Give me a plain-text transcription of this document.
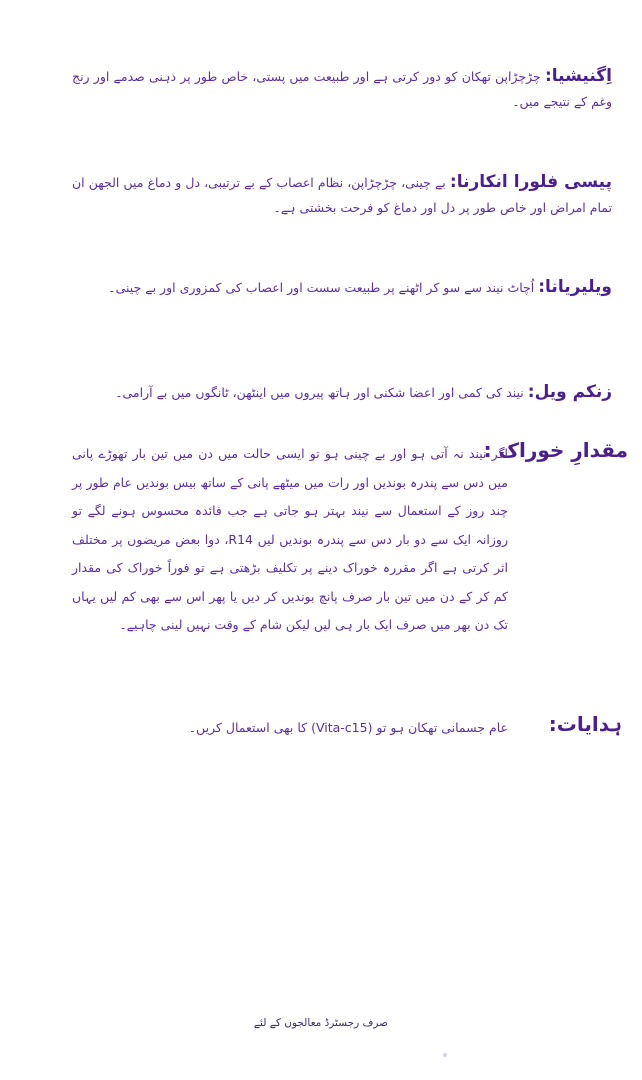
اِگنیشیا: چڑچڑاپن تھکان کو دور کرتی ہے اور طبیعت میں پستی، خاص طور پر ذہنی صدمے اور رنج وغم کے نتیجے میں۔
پیسی فلورا انکارنا: بے چینی، چڑچڑاپن، نظام اعصاب کے بے ترتیبی، دل و دماغ میں الجھن ان تمام امراض اور خاص طور پر دل اور دماغ کو فرحت بخشتی ہے۔
ویلیریانا: اُچاٹ نیند سے سو کر اٹھنے پر طبیعت سست اور اعصاب کی کمزوری اور بے چینی۔
زنکم ویل: نیند کی کمی اور اعضا شکنی اور ہاتھ پیروں میں اینٹھن، ٹانگوں میں بے آرامی۔
مقدارِ خوراک :
اگر نیند نہ آتی ہو اور بے چینی ہو تو ایسی حالت میں دن میں تین بار تھوڑے پانی میں دس سے پندرہ بوندیں اور رات میں میٹھے پانی کے ساتھ بیس بوندیں عام طور پر چند روز کے استعمال سے نیند بہتر ہو جاتی ہے جب فائدہ محسوس ہونے لگے تو روزانہ ایک سے دو بار دس سے پندرہ بوندیں لیں R14، دوا بعض مریضوں پر مختلف اثر کرتی ہے اگر مقررہ خوراک دینے پر تکلیف بڑھتی ہے تو فوراً خوراک کی مقدار کم کر کے دن میں تین بار صرف پانچ بوندیں کر دیں یا پھر اس سے بھی کم لیں یہاں تک دن بھر میں صرف ایک بار ہی لیں لیکن شام کے وقت نہیں لینی چاہیے۔
ہدایات:
عام جسمانی تھکان ہو تو (Vita-c15) کا بھی استعمال کریں۔
صرف رجسٹرڈ معالجوں کے لئے
